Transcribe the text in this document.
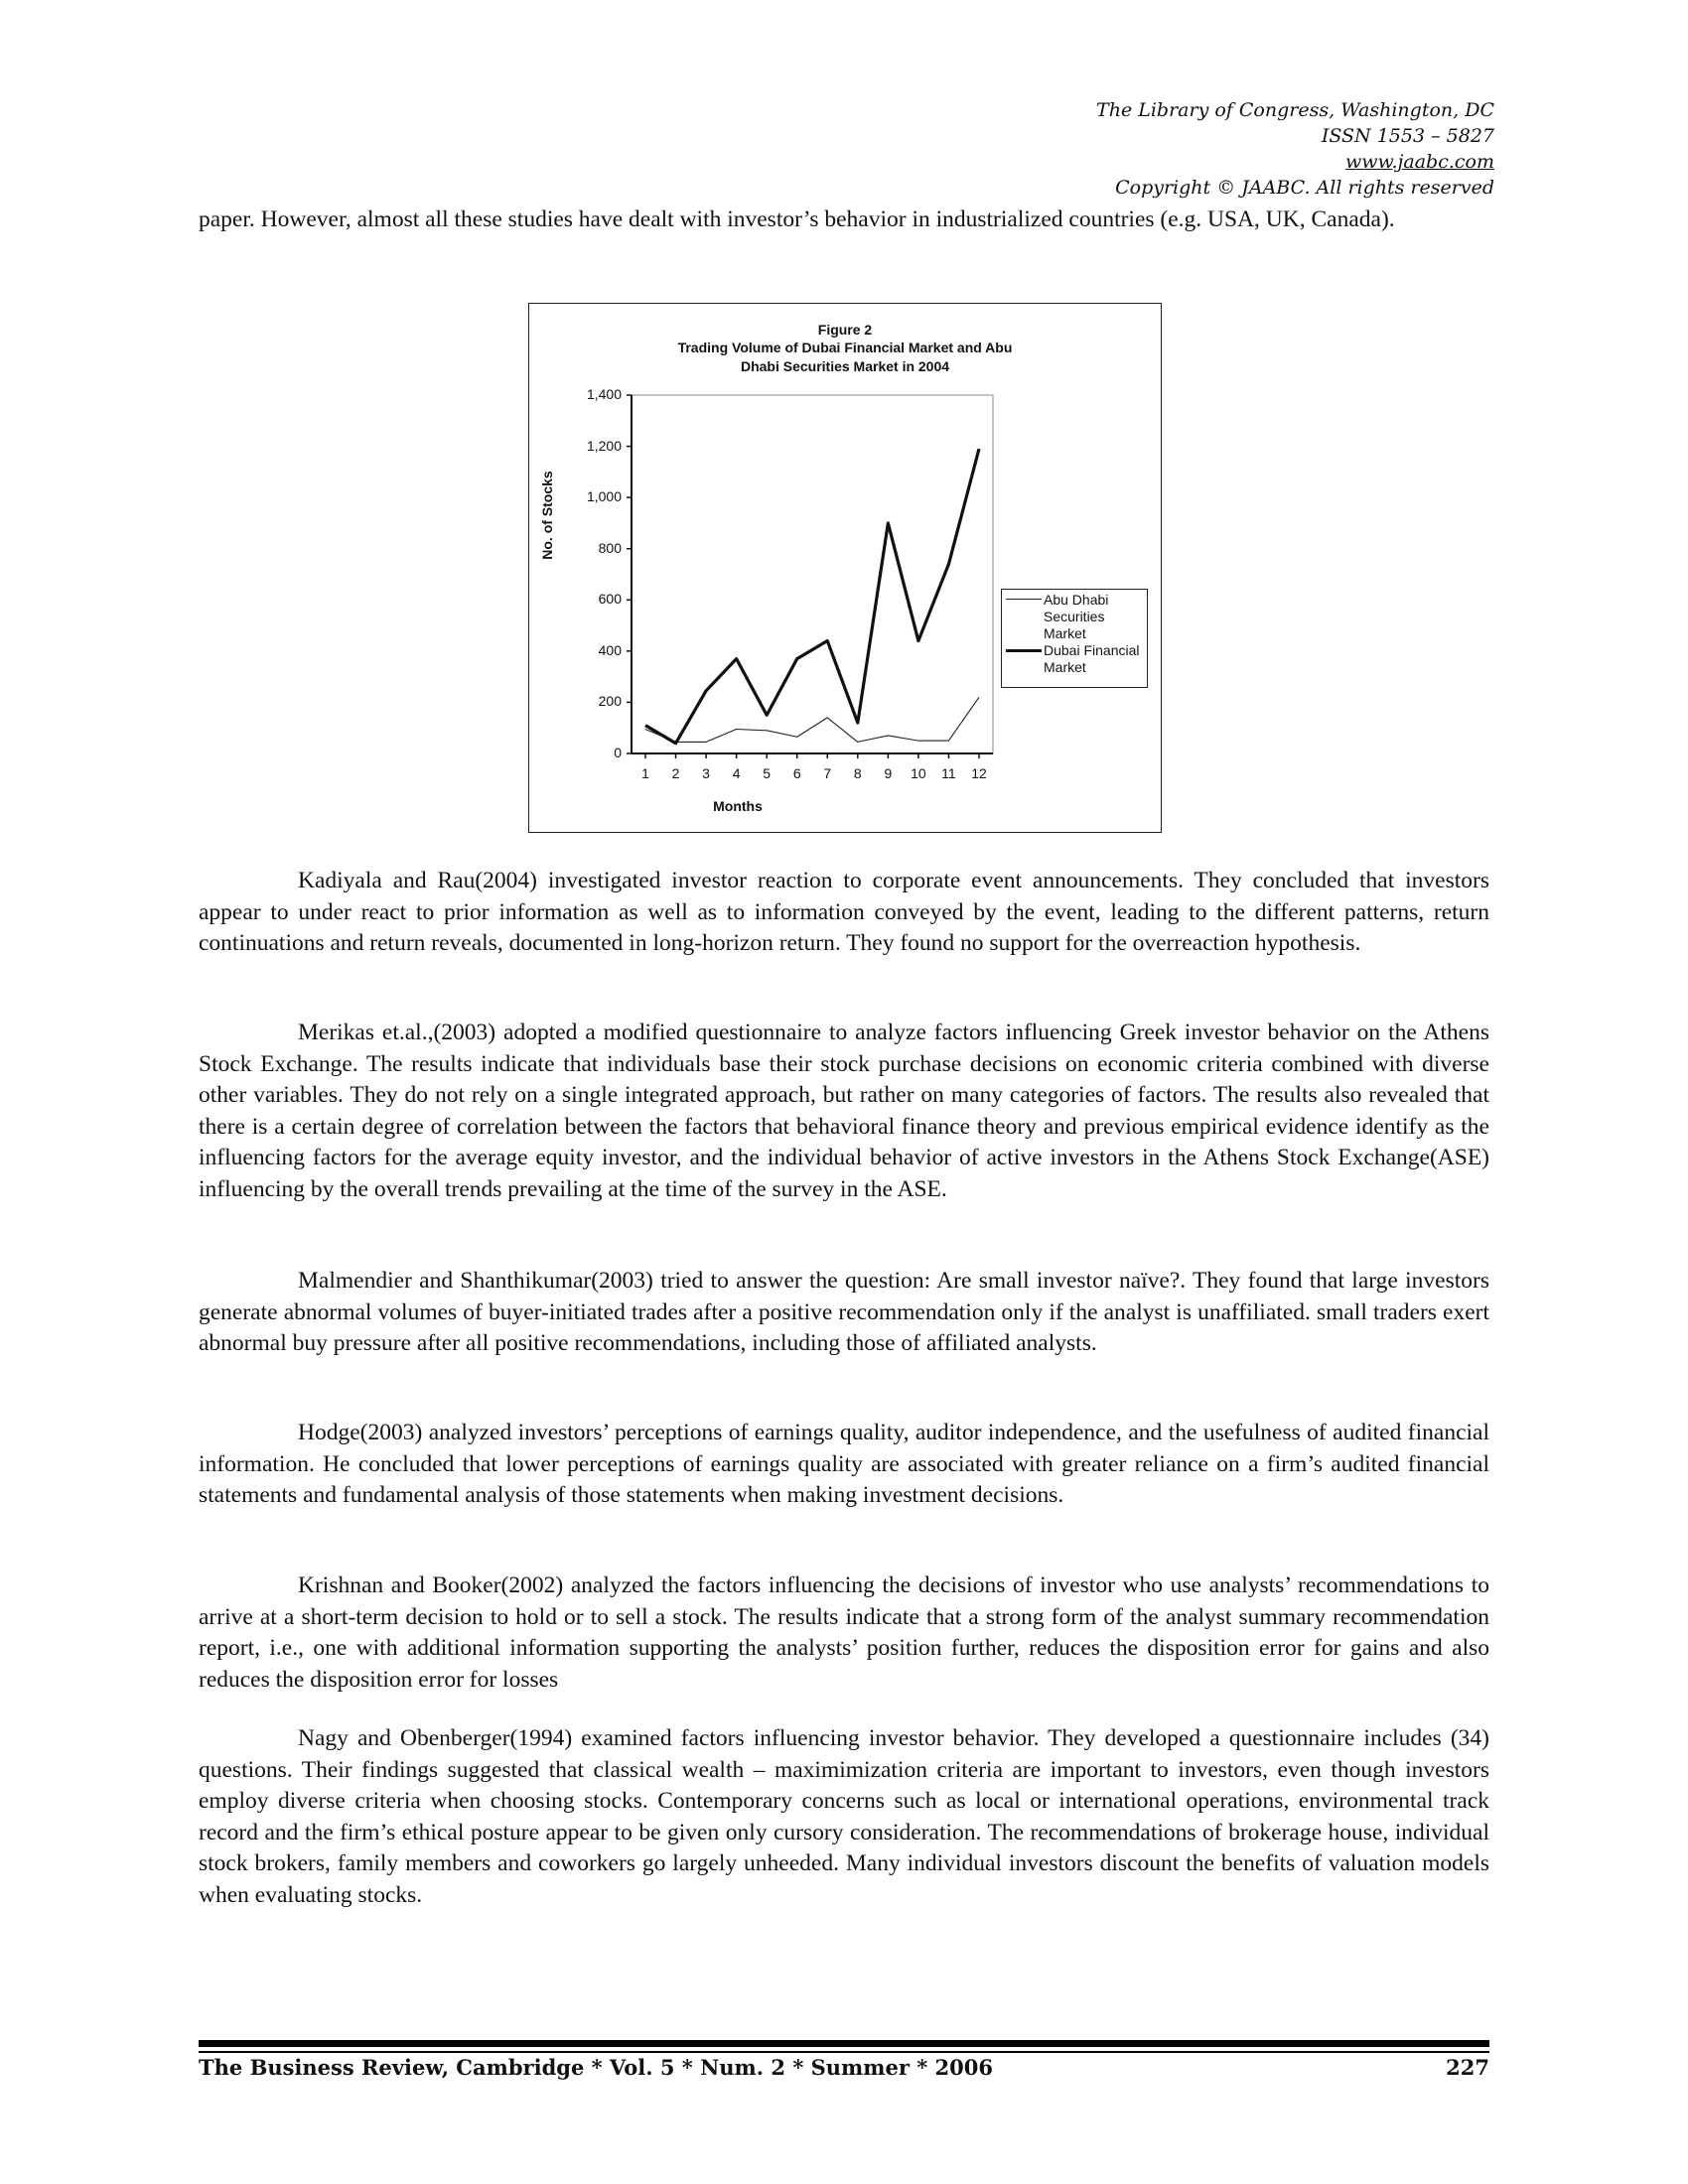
The Library of Congress, Washington, DC
ISSN 1553 – 5827
www.jaabc.com
Copyright © JAABC. All rights reserved

paper. However, almost all these studies have dealt with investor’s behavior in industrialized countries (e.g. USA, UK, Canada).

Figure 2
Trading Volume of Dubai Financial Market and Abu
Dhabi Securities Market in 2004
0
200
400
600
800
1,000
1,200
1,400
1	2	3	4	5	6	7	8	9	10	11	12
No. of Stocks
Months
Abu Dhabi Securities Market
Dubai Financial Market

Kadiyala and Rau(2004) investigated investor reaction to corporate event announcements. They concluded that investors appear to under react to prior information as well as to information conveyed by the event, leading to the different patterns, return continuations and return reveals, documented in long-horizon return. They found no support for the overreaction hypothesis.

Merikas et.al.,(2003) adopted a modified questionnaire to analyze factors influencing Greek investor behavior on the Athens Stock Exchange. The results indicate that individuals base their stock purchase decisions on economic criteria combined with diverse other variables. They do not rely on a single integrated approach, but rather on many categories of factors. The results also revealed that there is a certain degree of correlation between the factors that behavioral finance theory and previous empirical evidence identify as the influencing factors for the average equity investor, and the individual behavior of active investors in the Athens Stock Exchange(ASE) influencing by the overall trends prevailing at the time of the survey in the ASE.

Malmendier and Shanthikumar(2003) tried to answer the question: Are small investor naïve?. They found that large investors generate abnormal volumes of buyer-initiated trades after a positive recommendation only if the analyst is unaffiliated. small traders exert abnormal buy pressure after all positive recommendations, including those of affiliated analysts.

Hodge(2003) analyzed investors’ perceptions of earnings quality, auditor independence, and the usefulness of audited financial information. He concluded that lower perceptions of earnings quality are associated with greater reliance on a firm’s audited financial statements and fundamental analysis of those statements when making investment decisions.

Krishnan and Booker(2002) analyzed the factors influencing the decisions of investor who use analysts’ recommendations to arrive at a short-term decision to hold or to sell a stock. The results indicate that a strong form of the analyst summary recommendation report, i.e., one with additional information supporting the analysts’ position further, reduces the disposition error for gains and also reduces the disposition error for losses

Nagy and Obenberger(1994) examined factors influencing investor behavior. They developed a questionnaire includes (34) questions. Their findings suggested that classical wealth – maximimization criteria are important to investors, even though investors employ diverse criteria when choosing stocks. Contemporary concerns such as local or international operations, environmental track record and the firm’s ethical posture appear to be given only cursory consideration. The recommendations of brokerage house, individual stock brokers, family members and coworkers go largely unheeded. Many individual investors discount the benefits of valuation models when evaluating stocks.

The Business Review, Cambridge * Vol. 5 * Num. 2 * Summer * 2006	227
